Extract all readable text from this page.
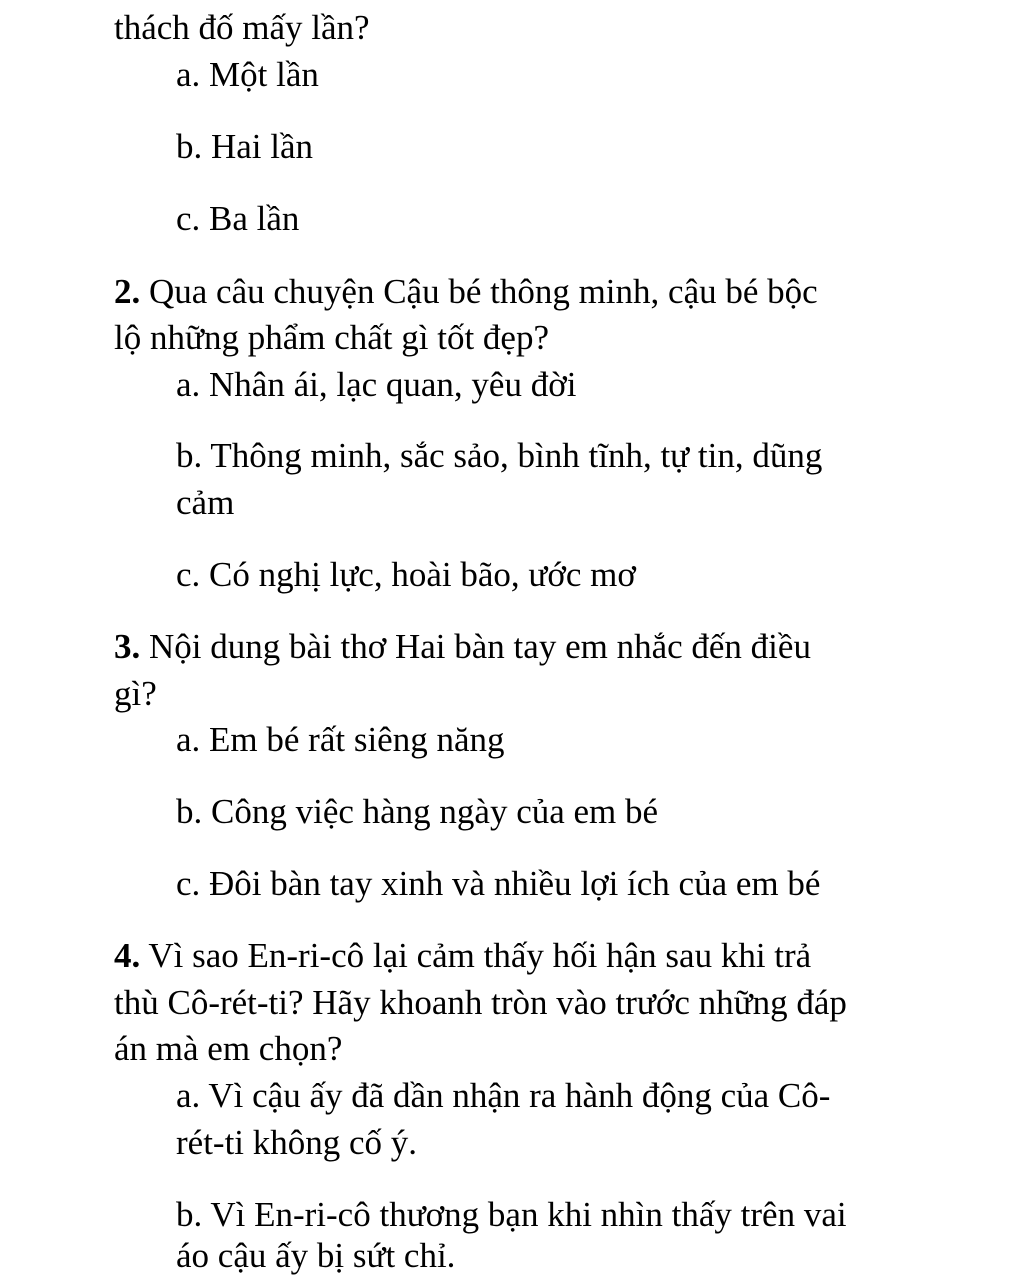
thách đố mấy lần?
a. Một lần
b. Hai lần
c. Ba lần
2. Qua câu chuyện Cậu bé thông minh, cậu bé bộc
lộ những phẩm chất gì tốt đẹp?
a. Nhân ái, lạc quan, yêu đời
b. Thông minh, sắc sảo, bình tĩnh, tự tin, dũng
cảm
c. Có nghị lực, hoài bão, ước mơ
3. Nội dung bài thơ Hai bàn tay em nhắc đến điều
gì?
a. Em bé rất siêng năng
b. Công việc hàng ngày của em bé
c. Đôi bàn tay xinh và nhiều lợi ích của em bé
4. Vì sao En-ri-cô lại cảm thấy hối hận sau khi trả
thù Cô-rét-ti? Hãy khoanh tròn vào trước những đáp
án mà em chọn?
a. Vì cậu ấy đã dần nhận ra hành động của Cô-
rét-ti không cố ý.
b. Vì En-ri-cô thương bạn khi nhìn thấy trên vai
áo cậu ấy bị sứt chỉ.
